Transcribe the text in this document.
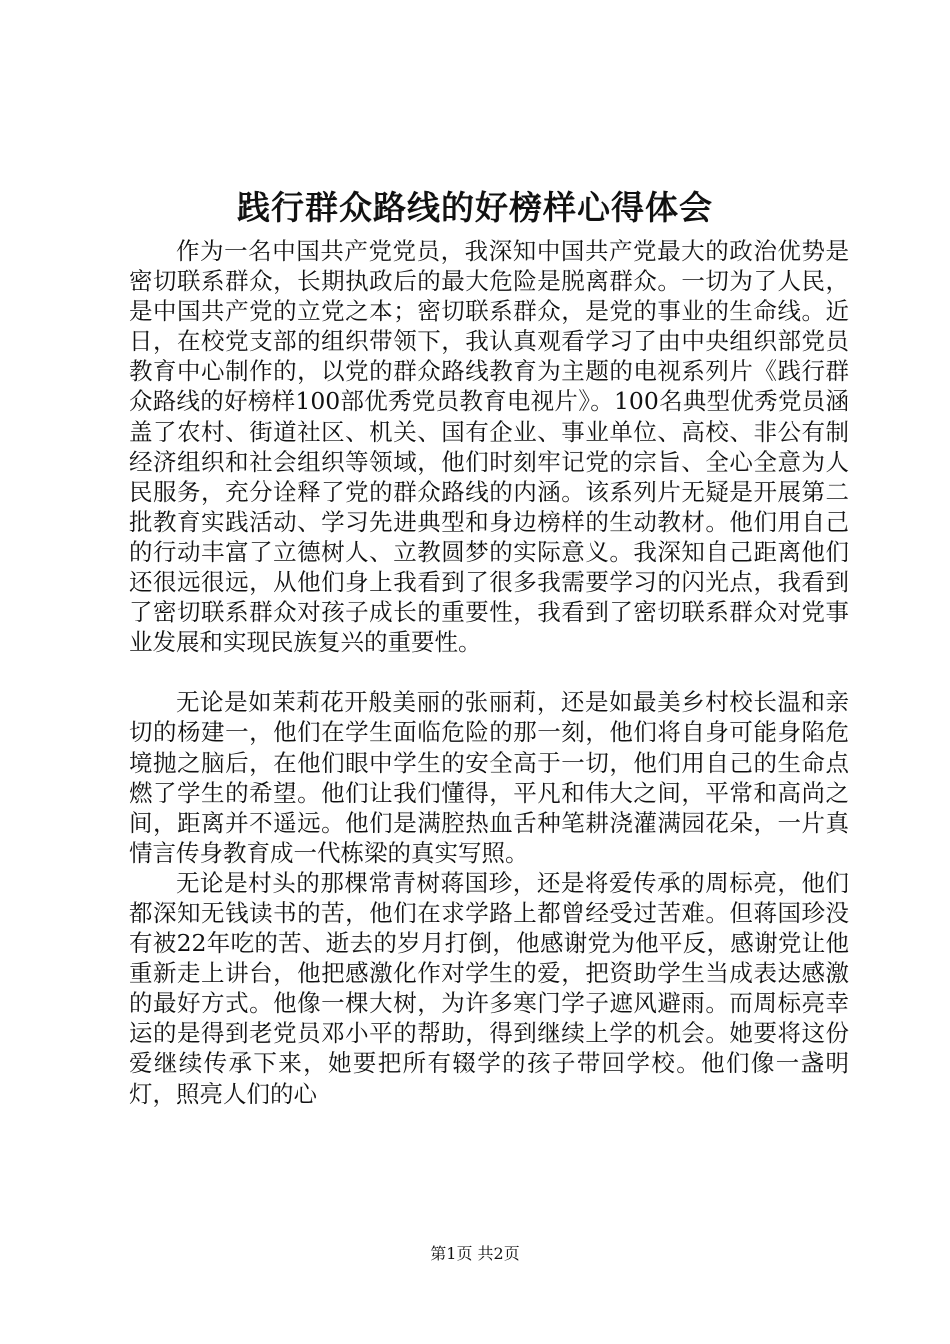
践行群众路线的好榜样心得体会

作为一名中国共产党党员，我深知中国共产党最大的政治优势是密切联系群众，长期执政后的最大危险是脱离群众。一切为了人民，是中国共产党的立党之本；密切联系群众，是党的事业的生命线。近日，在校党支部的组织带领下，我认真观看学习了由中央组织部党员教育中心制作的，以党的群众路线教育为主题的电视系列片《践行群众路线的好榜样100部优秀党员教育电视片》。100名典型优秀党员涵盖了农村、街道社区、机关、国有企业、事业单位、高校、非公有制经济组织和社会组织等领域，他们时刻牢记党的宗旨、全心全意为人民服务，充分诠释了党的群众路线的内涵。该系列片无疑是开展第二批教育实践活动、学习先进典型和身边榜样的生动教材。他们用自己的行动丰富了立德树人、立教圆梦的实际意义。我深知自己距离他们还很远很远，从他们身上我看到了很多我需要学习的闪光点，我看到了密切联系群众对孩子成长的重要性，我看到了密切联系群众对党事业发展和实现民族复兴的重要性。

无论是如茉莉花开般美丽的张丽莉，还是如最美乡村校长温和亲切的杨建一，他们在学生面临危险的那一刻，他们将自身可能身陷危境抛之脑后，在他们眼中学生的安全高于一切，他们用自己的生命点燃了学生的希望。他们让我们懂得，平凡和伟大之间，平常和高尚之间，距离并不遥远。他们是满腔热血舌种笔耕浇灌满园花朵，一片真情言传身教育成一代栋梁的真实写照。

无论是村头的那棵常青树蒋国珍，还是将爱传承的周标亮，他们都深知无钱读书的苦，他们在求学路上都曾经受过苦难。但蒋国珍没有被22年吃的苦、逝去的岁月打倒，他感谢党为他平反，感谢党让他重新走上讲台，他把感激化作对学生的爱，把资助学生当成表达感激的最好方式。他像一棵大树，为许多寒门学子遮风避雨。而周标亮幸运的是得到老党员邓小平的帮助，得到继续上学的机会。她要将这份爱继续传承下来，她要把所有辍学的孩子带回学校。他们像一盏明灯，照亮人们的心

第1页 共2页
